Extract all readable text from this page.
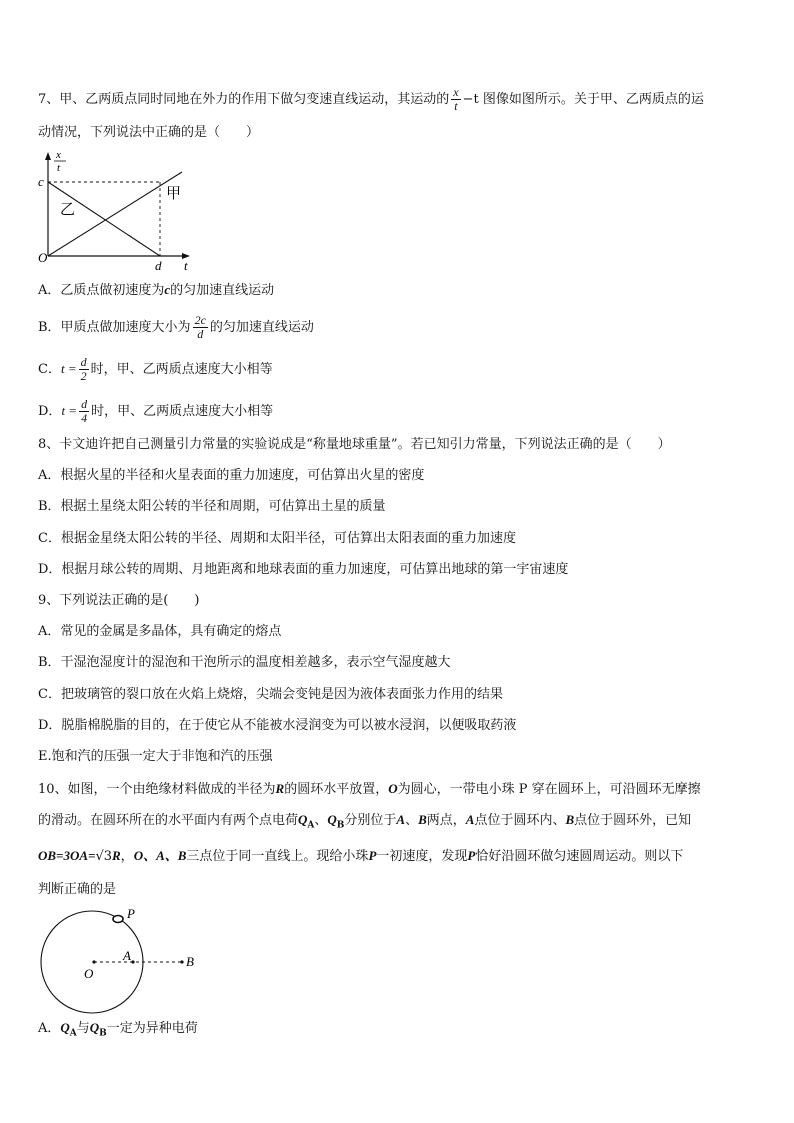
7、甲、乙两质点同时同地在外力的作用下做匀变速直线运动，其运动的 $\frac{x}{t} -t$ 图像如图所示。关于甲、乙两质点的运
动情况，下列说法中正确的是（　　）
x
t
c
O
d t
甲
乙
A．乙质点做初速度为c的匀加速直线运动
B．甲质点做加速度大小为 $\frac{2c}{d}$ 的匀加速直线运动
C．$t = \frac{d}{2}$ 时，甲、乙两质点速度大小相等
D．$t = \frac{d}{4}$ 时，甲、乙两质点速度大小相等
8、卡文迪许把自己测量引力常量的实验说成是“称量地球重量”。若已知引力常量，下列说法正确的是（　　）
A．根据火星的半径和火星表面的重力加速度，可估算出火星的密度
B．根据土星绕太阳公转的半径和周期，可估算出土星的质量
C．根据金星绕太阳公转的半径、周期和太阳半径，可估算出太阳表面的重力加速度
D．根据月球公转的周期、月地距离和地球表面的重力加速度，可估算出地球的第一宇宙速度
9、下列说法正确的是(　　)
A．常见的金属是多晶体，具有确定的熔点
B．干湿泡湿度计的湿泡和干泡所示的温度相差越多，表示空气湿度越大
C．把玻璃管的裂口放在火焰上烧熔，尖端会变钝是因为液体表面张力作用的结果
D．脱脂棉脱脂的目的，在于使它从不能被水浸润变为可以被水浸润，以便吸取药液
E.饱和汽的压强一定大于非饱和汽的压强
10、如图，一个由绝缘材料做成的半径为R的圆环水平放置，O为圆心，一带电小珠 P 穿在圆环上，可沿圆环无摩擦
的滑动。在圆环所在的水平面内有两个点电荷$Q_A$、$Q_B$分别位于A、B两点，A点位于圆环内、B点位于圆环外，已知
OB=3OA=√3R，O、A、B三点位于同一直线上。现给小珠P一初速度，发现P恰好沿圆环做匀速圆周运动。则以下
判断正确的是
P
O
A	B
A．$Q_A$与$Q_B$一定为异种电荷
